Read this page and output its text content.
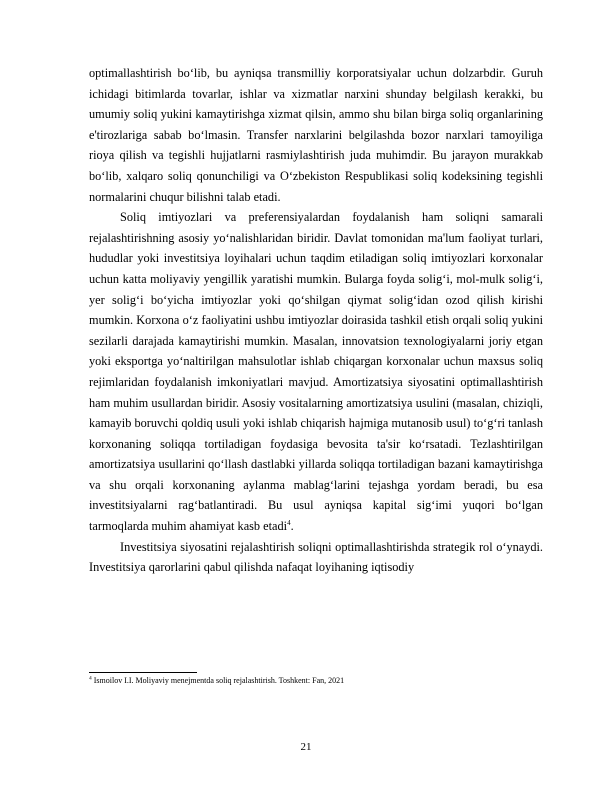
optimallashtirish bo‘lib, bu ayniqsa transmilliy korporatsiyalar uchun dolzarbdir. Guruh ichidagi bitimlarda tovarlar, ishlar va xizmatlar narxini shunday belgilash kerakki, bu umumiy soliq yukini kamaytirishga xizmat qilsin, ammo shu bilan birga soliq organlarining e'tirozlariga sabab bo‘lmasin. Transfer narxlarini belgilashda bozor narxlari tamoyiliga rioya qilish va tegishli hujjatlarni rasmiylashtirish juda muhimdir. Bu jarayon murakkab bo‘lib, xalqaro soliq qonunchiligi va O‘zbekiston Respublikasi soliq kodeksining tegishli normalarini chuqur bilishni talab etadi.

Soliq imtiyozlari va preferensiyalardan foydalanish ham soliqni samarali rejalashtirishning asosiy yo‘nalishlaridan biridir. Davlat tomonidan ma'lum faoliyat turlari, hududlar yoki investitsiya loyihalari uchun taqdim etiladigan soliq imtiyozlari korxonalar uchun katta moliyaviy yengillik yaratishi mumkin. Bularga foyda solig‘i, mol-mulk solig‘i, yer solig‘i bo‘yicha imtiyozlar yoki qo‘shilgan qiymat solig‘idan ozod qilish kirishi mumkin. Korxona o‘z faoliyatini ushbu imtiyozlar doirasida tashkil etish orqali soliq yukini sezilarli darajada kamaytirishi mumkin. Masalan, innovatsion texnologiyalarni joriy etgan yoki eksportga yo‘naltirilgan mahsulotlar ishlab chiqargan korxonalar uchun maxsus soliq rejimlaridan foydalanish imkoniyatlari mavjud. Amortizatsiya siyosatini optimallashtirish ham muhim usullardan biridir. Asosiy vositalarning amortizatsiya usulini (masalan, chiziqli, kamayib boruvchi qoldiq usuli yoki ishlab chiqarish hajmiga mutanosib usul) to‘g‘ri tanlash korxonaning soliqqa tortiladigan foydasiga bevosita ta'sir ko‘rsatadi. Tezlashtirilgan amortizatsiya usullarini qo‘llash dastlabki yillarda soliqqa tortiladigan bazani kamaytirishga va shu orqali korxonaning aylanma mablag‘larini tejashga yordam beradi, bu esa investitsiyalarni rag‘batlantiradi. Bu usul ayniqsa kapital sig‘imi yuqori bo‘lgan tarmoqlarda muhim ahamiyat kasb etadi$^4$.

Investitsiya siyosatini rejalashtirish soliqni optimallashtirishda strategik rol o‘ynaydi. Investitsiya qarorlarini qabul qilishda nafaqat loyihaning iqtisodiy

$^4$ Ismoilov I.I. Moliyaviy menejmentda soliq rejalashtirish. Toshkent: Fan, 2021
21
